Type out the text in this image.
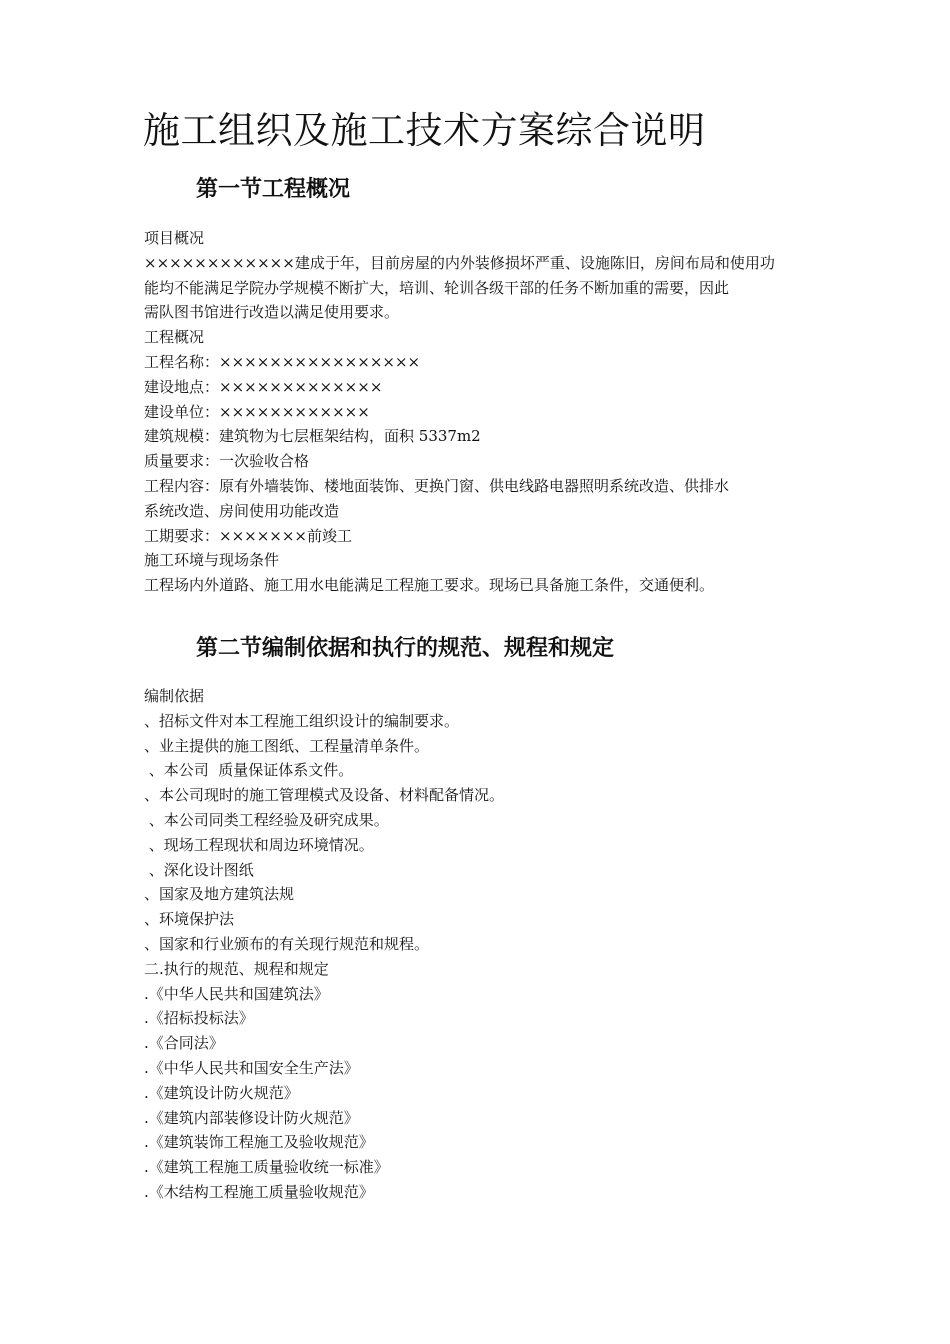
施工组织及施工技术方案综合说明
第一节工程概况
项目概况
××××××××××××建成于年，目前房屋的内外装修损坏严重、设施陈旧，房间布局和使用功
能均不能满足学院办学规模不断扩大，培训、轮训各级干部的任务不断加重的需要，因此
需队图书馆进行改造以满足使用要求。
工程概况
工程名称：××××××××××××××××
建设地点：×××××××××××××
建设单位：××××××××××××
建筑规模：建筑物为七层框架结构，面积 5337m2
质量要求：一次验收合格
工程内容：原有外墙装饰、楼地面装饰、更换门窗、供电线路电器照明系统改造、供排水
系统改造、房间使用功能改造
工期要求：×××××××前竣工
施工环境与现场条件
工程场内外道路、施工用水电能满足工程施工要求。现场已具备施工条件，交通便利。
第二节编制依据和执行的规范、规程和规定
编制依据
、招标文件对本工程施工组织设计的编制要求。
、业主提供的施工图纸、工程量清单条件。
、本公司  质量保证体系文件。
、本公司现时的施工管理模式及设备、材料配备情况。
、本公司同类工程经验及研究成果。
、现场工程现状和周边环境情况。
、深化设计图纸
、国家及地方建筑法规
、环境保护法
、国家和行业颁布的有关现行规范和规程。
二.执行的规范、规程和规定
.《中华人民共和国建筑法》
.《招标投标法》
.《合同法》
.《中华人民共和国安全生产法》
.《建筑设计防火规范》
.《建筑内部装修设计防火规范》
.《建筑装饰工程施工及验收规范》
.《建筑工程施工质量验收统一标准》
.《木结构工程施工质量验收规范》
